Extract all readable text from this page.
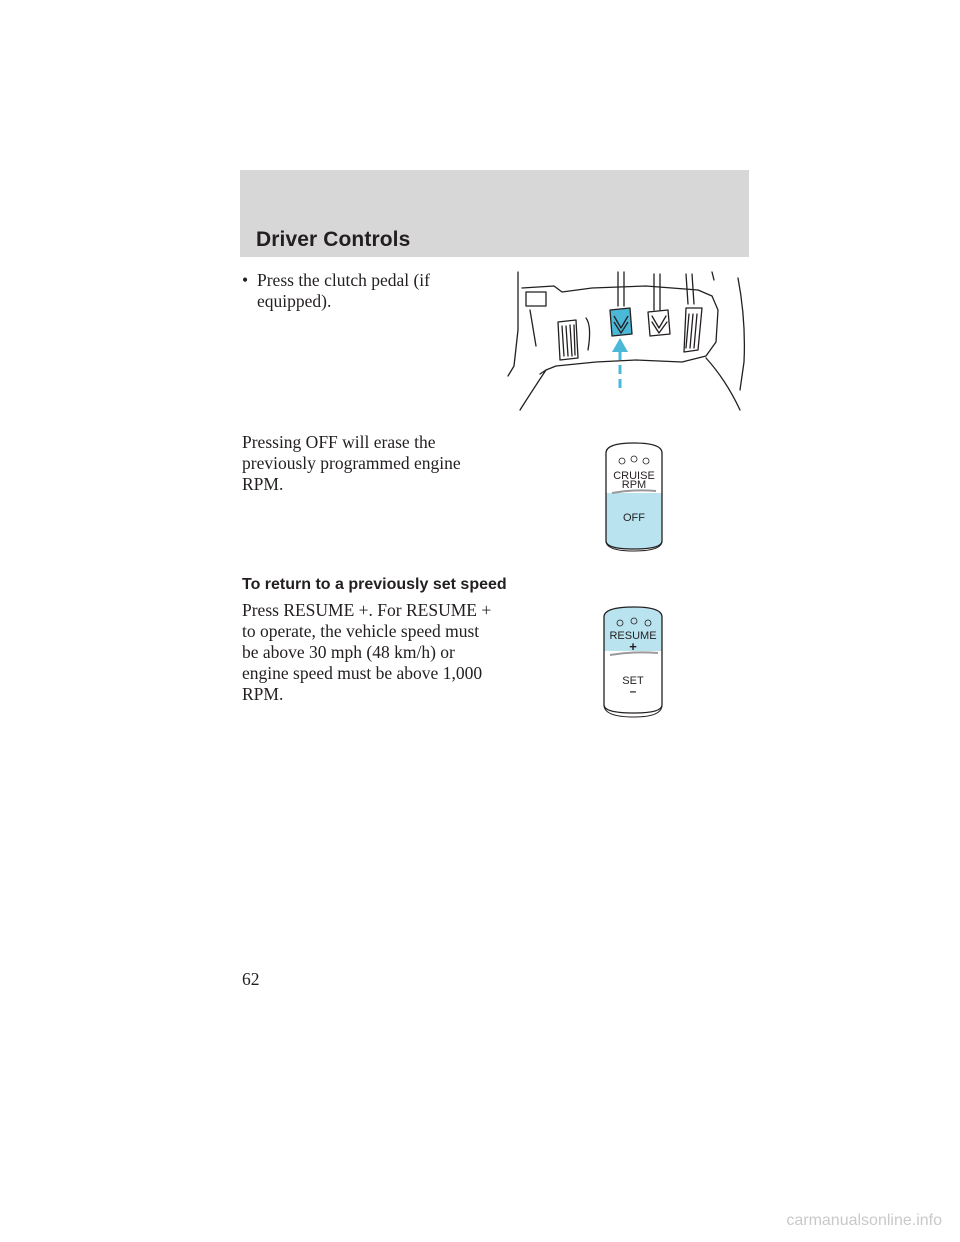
Driver Controls
• Press the clutch pedal (if equipped).

Pressing OFF will erase the previously programmed engine RPM.	CRUISE
RPM
OFF
To return to a previously set speed

Press RESUME +. For RESUME + to operate, the vehicle speed must be above 30 mph (48 km/h) or engine speed must be above 1,000 RPM.

RESUME
+
SET
–

62

carmanualsonline.info
